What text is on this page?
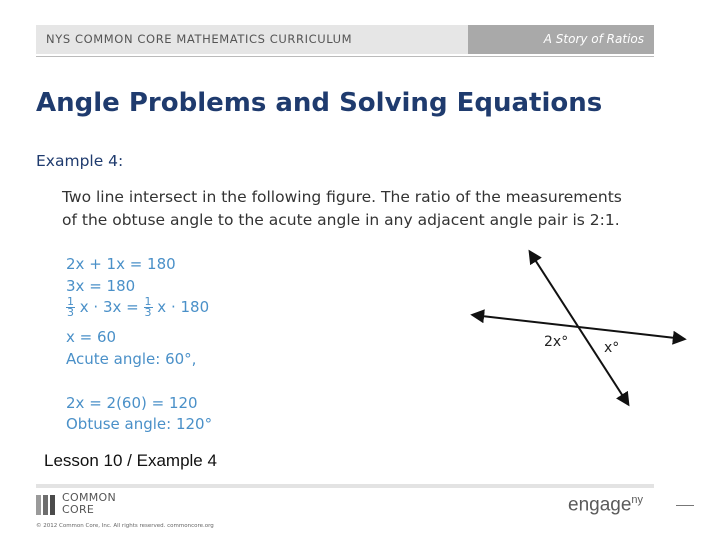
NYS COMMON CORE MATHEMATICS CURRICULUM	A Story of Ratios
Angle Problems and Solving Equations
Example 4:
Two line intersect in the following figure. The ratio of the measurements
of the obtuse angle to the acute angle in any adjacent angle pair is 2:1.
2x + 1x = 180
3x = 180
$\frac{1}{3}$ $x \cdot 3x = \frac{1}{3}$ x · 180
x = 60
Acute angle: 60°,
2x = 2(60) = 120
Obtuse angle: 120°
2x°	x°
Lesson 10 / Example 4
COMMON
CORE
© 2012 Common Core, Inc. All rights reserved. commoncore.org
engage$^{ny}$
